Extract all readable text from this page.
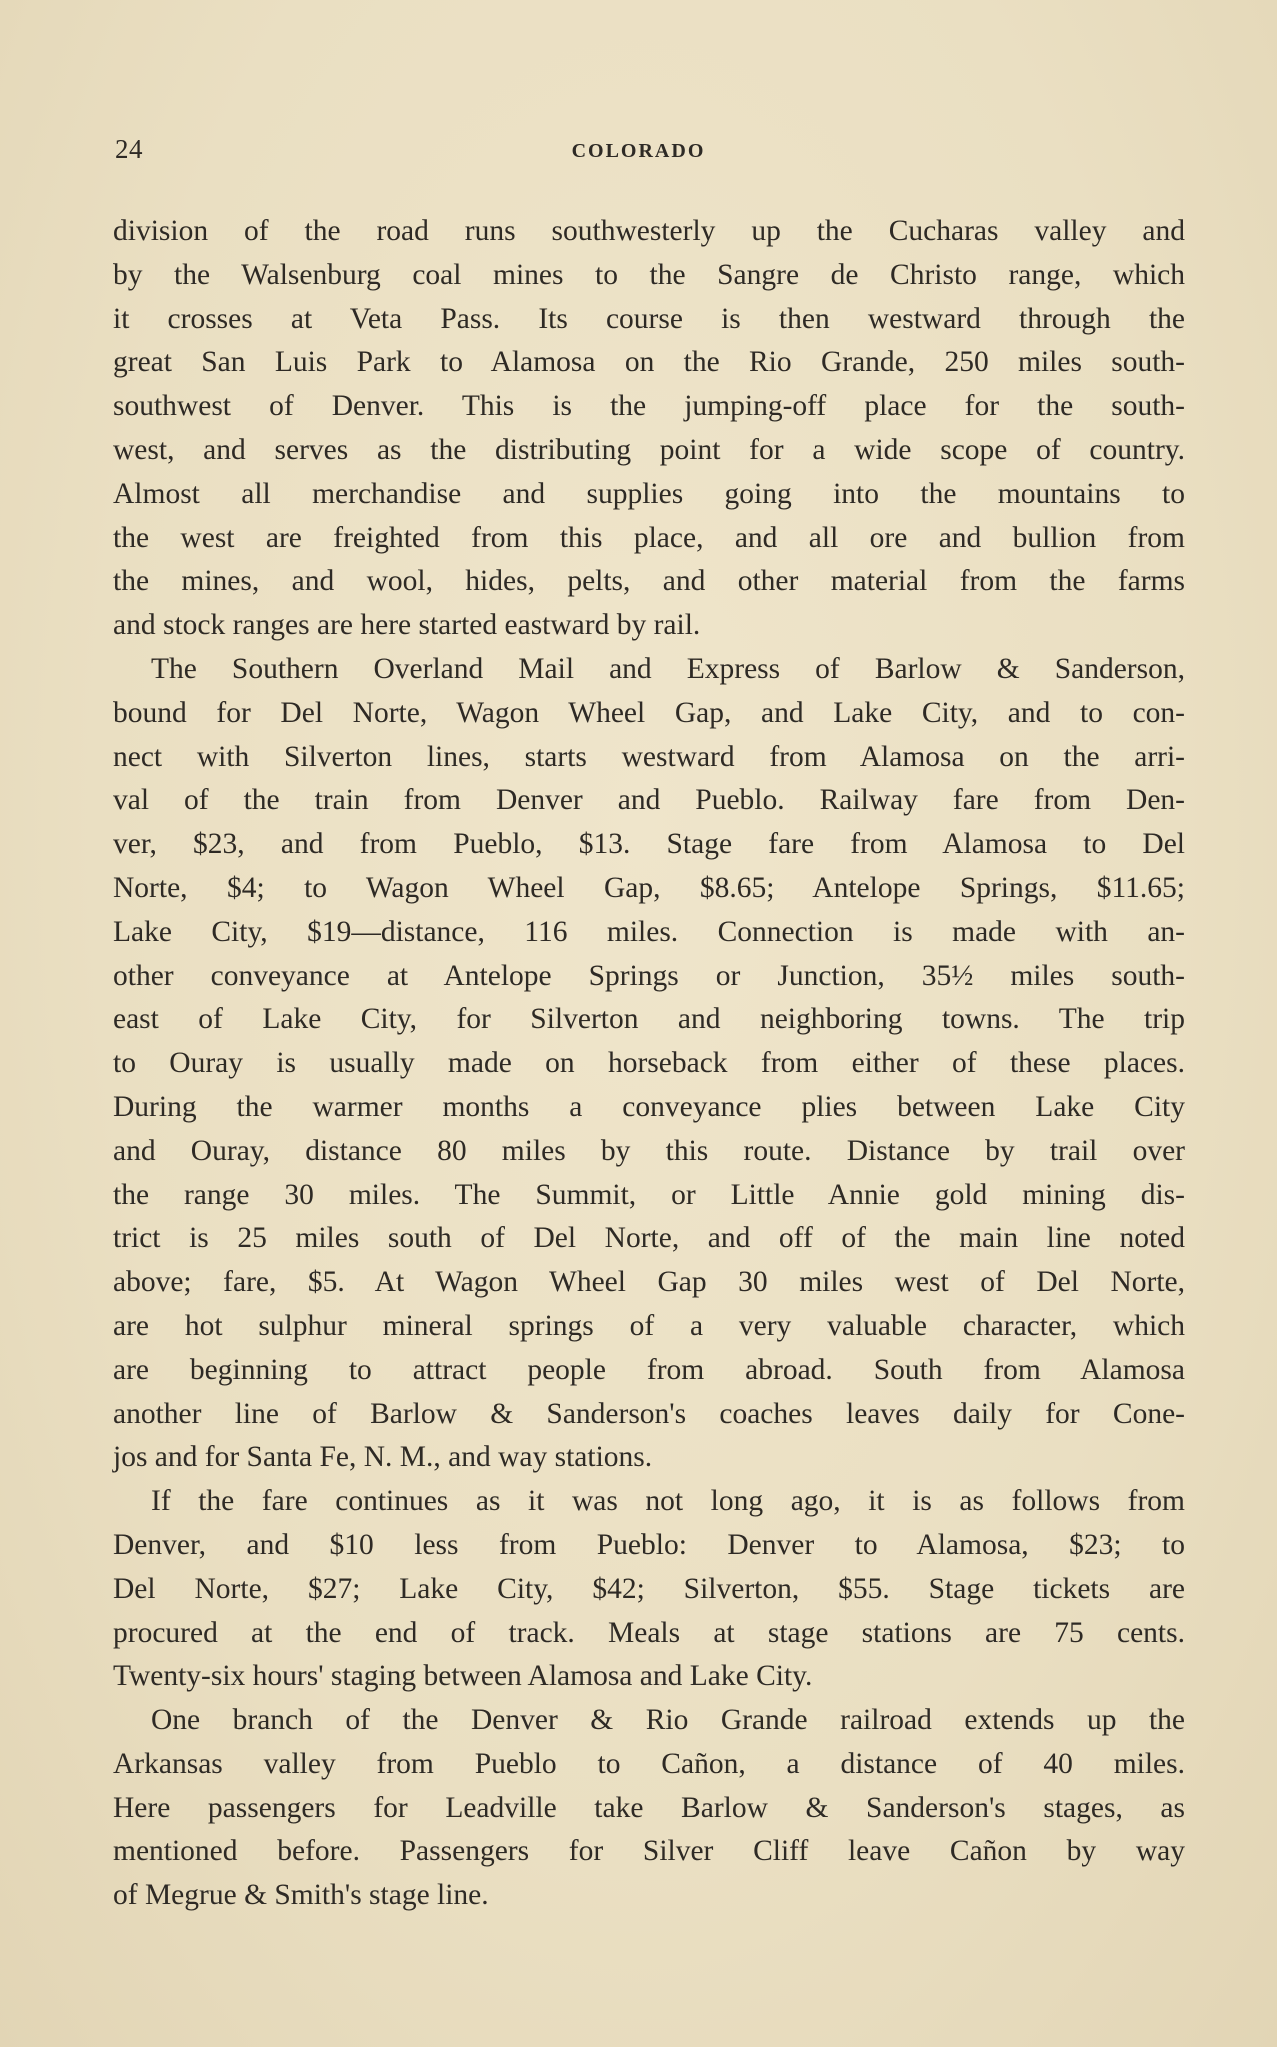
24	COLORADO
division of the road runs southwesterly up the Cucharas valley and
by the Walsenburg coal mines to the Sangre de Christo range, which
it crosses at Veta Pass. Its course is then westward through the
great San Luis Park to Alamosa on the Rio Grande, 250 miles south-
southwest of Denver. This is the jumping-off place for the south-
west, and serves as the distributing point for a wide scope of country.
Almost all merchandise and supplies going into the mountains to
the west are freighted from this place, and all ore and bullion from
the mines, and wool, hides, pelts, and other material from the farms
and stock ranges are here started eastward by rail.
The Southern Overland Mail and Express of Barlow & Sanderson,
bound for Del Norte, Wagon Wheel Gap, and Lake City, and to con-
nect with Silverton lines, starts westward from Alamosa on the arri-
val of the train from Denver and Pueblo. Railway fare from Den-
ver, $23, and from Pueblo, $13. Stage fare from Alamosa to Del
Norte, $4; to Wagon Wheel Gap, $8.65; Antelope Springs, $11.65;
Lake City, $19—distance, 116 miles. Connection is made with an-
other conveyance at Antelope Springs or Junction, 35½ miles south-
east of Lake City, for Silverton and neighboring towns. The trip
to Ouray is usually made on horseback from either of these places.
During the warmer months a conveyance plies between Lake City
and Ouray, distance 80 miles by this route. Distance by trail over
the range 30 miles. The Summit, or Little Annie gold mining dis-
trict is 25 miles south of Del Norte, and off of the main line noted
above; fare, $5. At Wagon Wheel Gap 30 miles west of Del Norte,
are hot sulphur mineral springs of a very valuable character, which
are beginning to attract people from abroad. South from Alamosa
another line of Barlow & Sanderson's coaches leaves daily for Cone-
jos and for Santa Fe, N. M., and way stations.
If the fare continues as it was not long ago, it is as follows from
Denver, and $10 less from Pueblo: Denver to Alamosa, $23; to
Del Norte, $27; Lake City, $42; Silverton, $55. Stage tickets are
procured at the end of track. Meals at stage stations are 75 cents.
Twenty-six hours' staging between Alamosa and Lake City.
One branch of the Denver & Rio Grande railroad extends up the
Arkansas valley from Pueblo to Cañon, a distance of 40 miles.
Here passengers for Leadville take Barlow & Sanderson's stages, as
mentioned before. Passengers for Silver Cliff leave Cañon by way
of Megrue & Smith's stage line.
